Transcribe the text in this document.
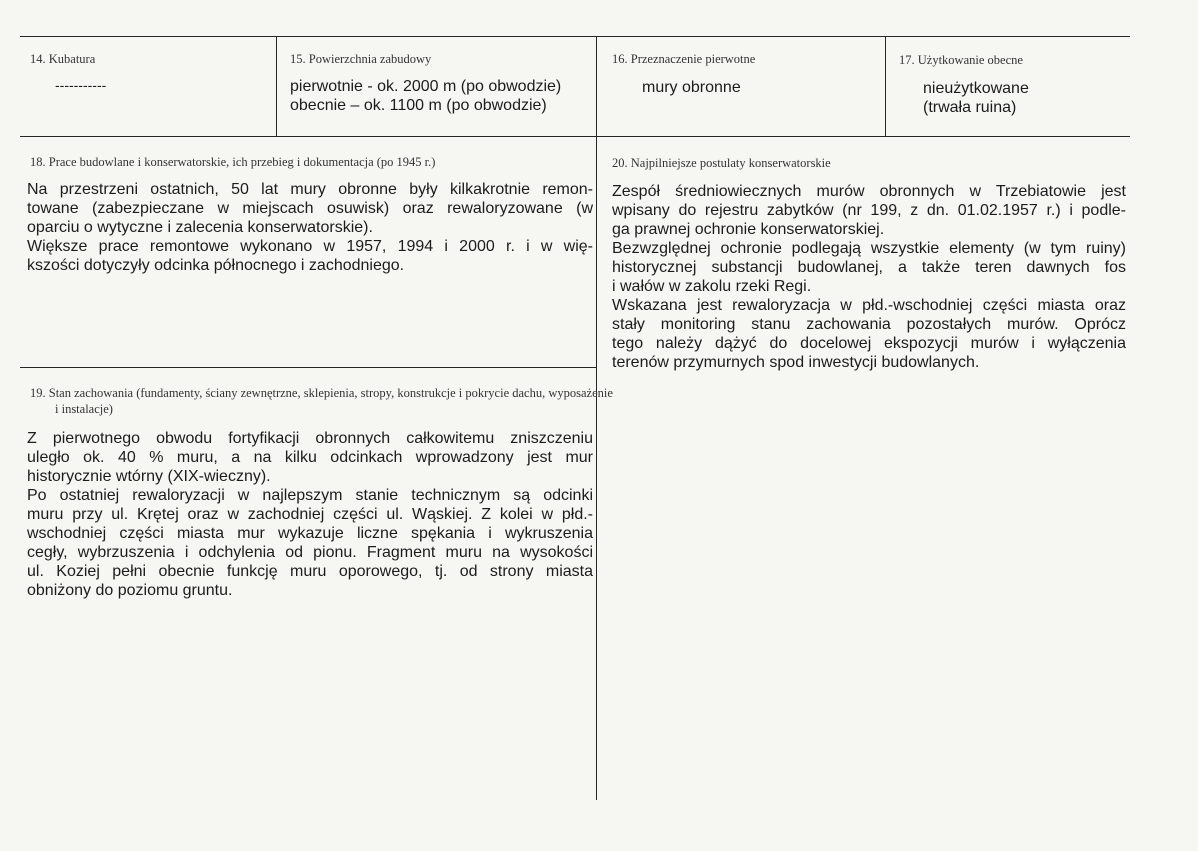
14. Kubatura
-----------
15. Powierzchnia zabudowy
pierwotnie - ok. 2000 m (po obwodzie)
obecnie – ok. 1100 m (po obwodzie)
16. Przeznaczenie pierwotne
mury obronne
17. Użytkowanie obecne
nieużytkowane
(trwała ruina)
18. Prace budowlane i konserwatorskie, ich przebieg i dokumentacja (po 1945 r.)
Na przestrzeni ostatnich, 50 lat mury obronne były kilkakrotnie remon-
towane (zabezpieczane w miejscach osuwisk) oraz rewaloryzowane (w
oparciu o wytyczne i zalecenia konserwatorskie).
Większe prace remontowe wykonano w 1957, 1994 i 2000 r. i w wię-
kszości dotyczyły odcinka północnego i zachodniego.
19. Stan zachowania (fundamenty, ściany zewnętrzne, sklepienia, stropy, konstrukcje i pokrycie dachu, wyposażenie i instalacje)
Z pierwotnego obwodu fortyfikacji obronnych całkowitemu zniszczeniu
uległo ok. 40 % muru, a na kilku odcinkach wprowadzony jest mur
historycznie wtórny (XIX-wieczny).
Po ostatniej rewaloryzacji w najlepszym stanie technicznym są odcinki
muru przy ul. Krętej oraz w zachodniej części ul. Wąskiej. Z kolei w płd.-
wschodniej części miasta mur wykazuje liczne spękania i wykruszenia
cegły, wybrzuszenia i odchylenia od pionu. Fragment muru na wysokości
ul. Koziej pełni obecnie funkcję muru oporowego, tj. od strony miasta
obniżony do poziomu gruntu.
20. Najpilniejsze postulaty konserwatorskie
Zespół średniowiecznych murów obronnych w Trzebiatowie jest
wpisany do rejestru zabytków (nr 199, z dn. 01.02.1957 r.) i podle-
ga prawnej ochronie konserwatorskiej.
Bezwzględnej ochronie podlegają wszystkie elementy (w tym ruiny)
historycznej substancji budowlanej, a także teren dawnych fos
i wałów w zakolu rzeki Regi.
Wskazana jest rewaloryzacja w płd.-wschodniej części miasta oraz
stały monitoring stanu zachowania pozostałych murów. Oprócz
tego należy dążyć do docelowej ekspozycji murów i wyłączenia
terenów przymurnych spod inwestycji budowlanych.
